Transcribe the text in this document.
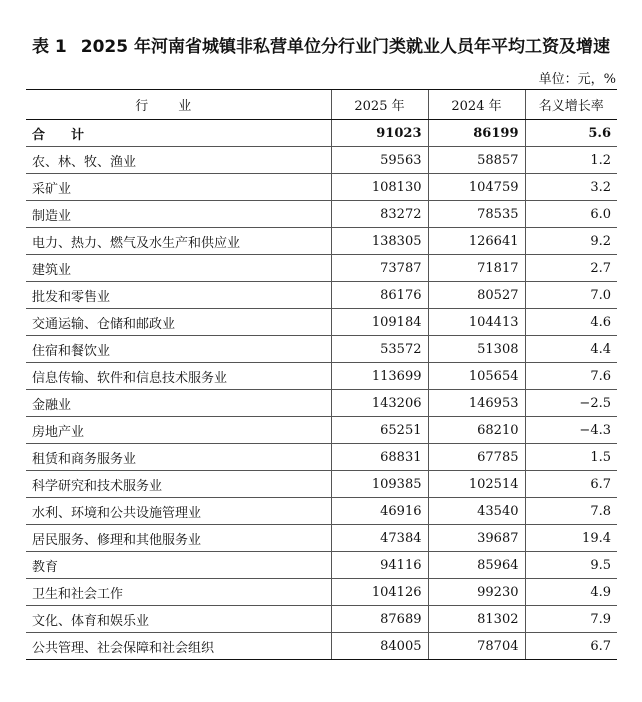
表 1 2025 年河南省城镇非私营单位分行业门类就业人员年平均工资及增速
单位：元，%
行业	2025 年	2024 年	名义增长率
合　　计	91023	86199	5.6
农、林、牧、渔业	59563	58857	1.2
采矿业	108130	104759	3.2
制造业	83272	78535	6.0
电力、热力、燃气及水生产和供应业	138305	126641	9.2
建筑业	73787	71817	2.7
批发和零售业	86176	80527	7.0
交通运输、仓储和邮政业	109184	104413	4.6
住宿和餐饮业	53572	51308	4.4
信息传输、软件和信息技术服务业	113699	105654	7.6
金融业	143206	146953	−2.5
房地产业	65251	68210	−4.3
租赁和商务服务业	68831	67785	1.5
科学研究和技术服务业	109385	102514	6.7
水利、环境和公共设施管理业	46916	43540	7.8
居民服务、修理和其他服务业	47384	39687	19.4
教育	94116	85964	9.5
卫生和社会工作	104126	99230	4.9
文化、体育和娱乐业	87689	81302	7.9
公共管理、社会保障和社会组织	84005	78704	6.7
